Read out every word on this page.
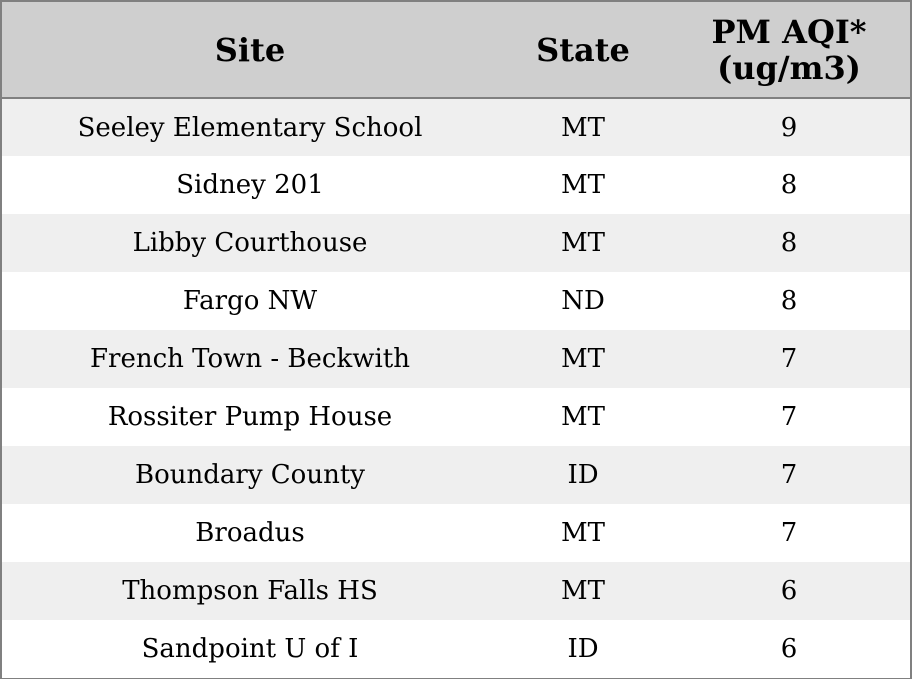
Site	State	PM AQI*
(ug/m3)

Seeley Elementary School	MT	9
Sidney 201	MT	8
Libby Courthouse	MT	8
Fargo NW	ND	8
French Town - Beckwith	MT	7
Rossiter Pump House	MT	7
Boundary County	ID	7
Broadus	MT	7
Thompson Falls HS	MT	6
Sandpoint U of I	ID	6
